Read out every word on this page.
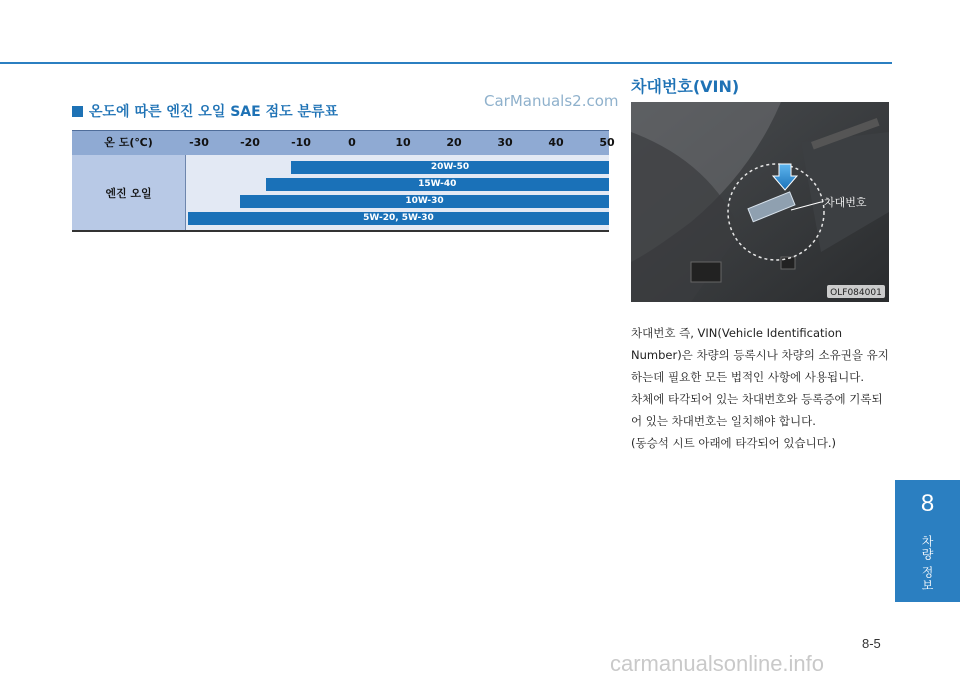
온도에 따른 엔진 오일 SAE 점도 분류표
CarManuals2.com
온 도(℃)	-30	-20	-10	0	10	20	30	40	50
엔진 오일
20W-50
15W-40
10W-30
5W-20, 5W-30
차대번호(VIN)
차대번호
OLF084001

차대번호 즉, VIN(Vehicle Identification Number)은 차량의 등록시나 차량의 소유권을 유지하는데 필요한 모든 법적인 사항에 사용됩니다.

차체에 타각되어 있는 차대번호와 등록증에 기록되어 있는 차대번호는 일치해야 합니다.

(동승석 시트 아래에 타각되어 있습니다.)

8
차량 정보
8-5
carmanualsonline.info
